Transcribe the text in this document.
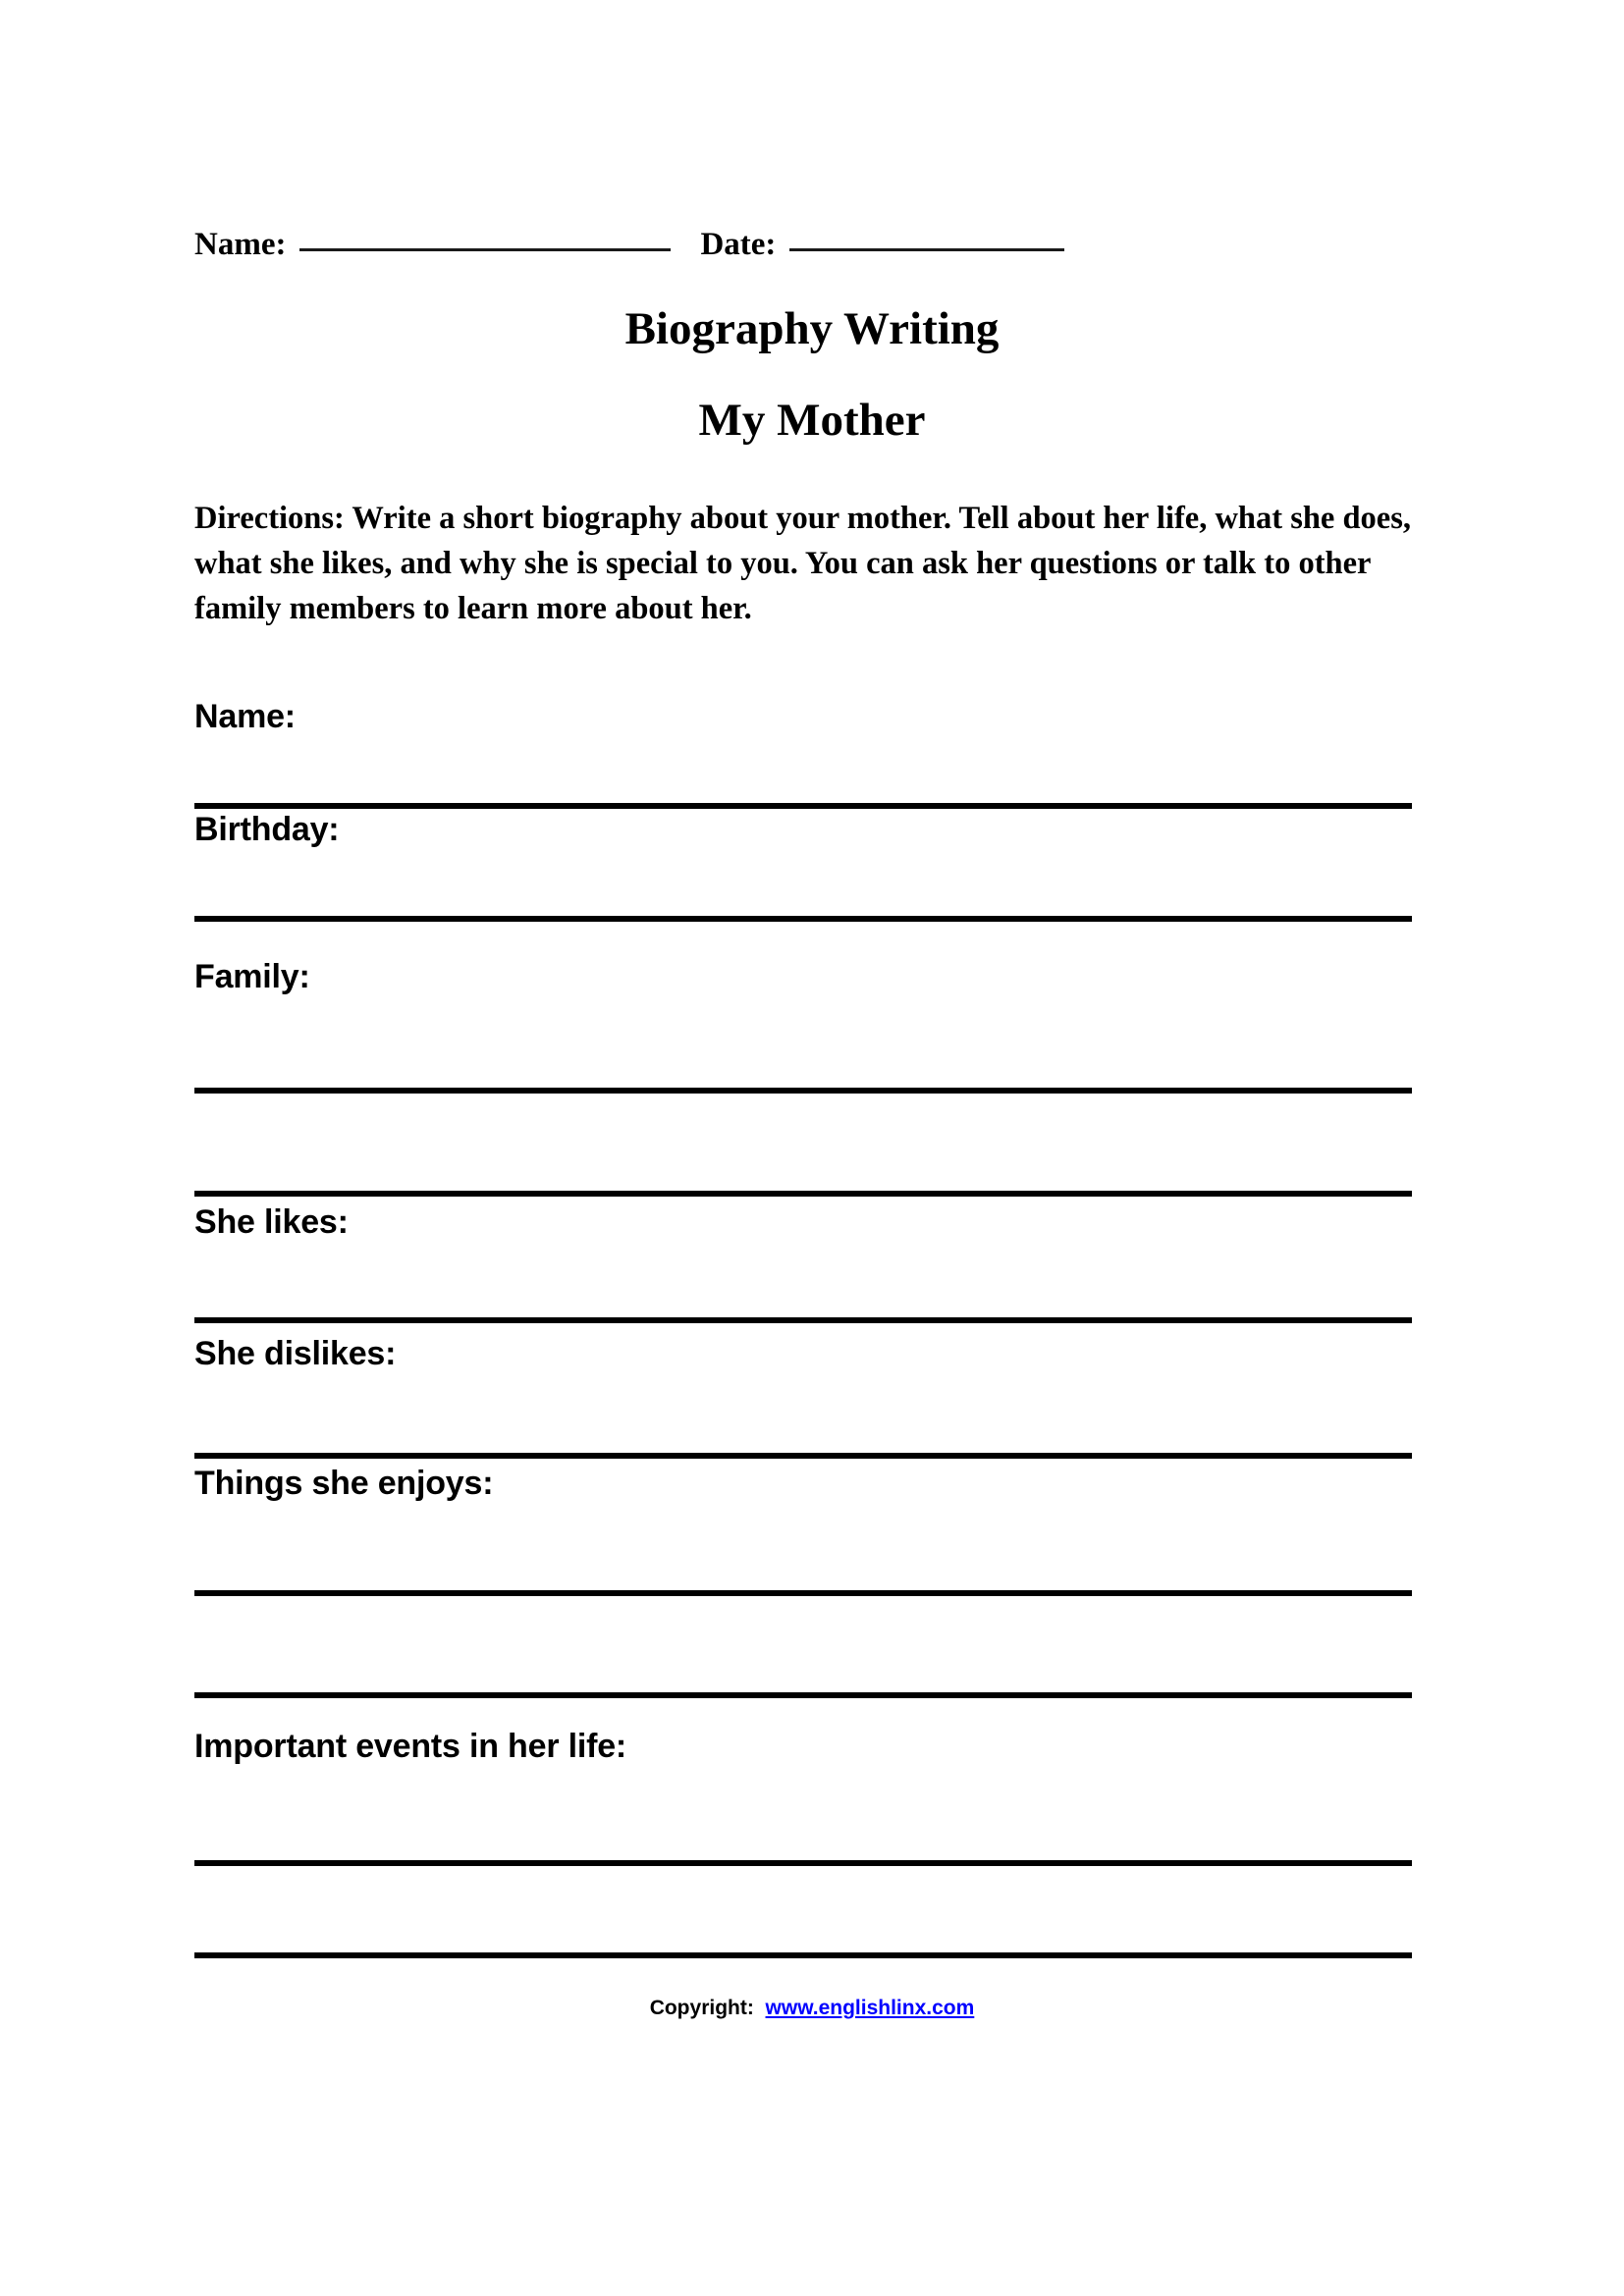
Name:	Date:
Biography Writing
My Mother
Directions: Write a short biography about your mother. Tell about her life, what she does, what she likes, and why she is special to you. You can ask her questions or talk to other family members to learn more about her.
Name:
Birthday:
Family:
She likes:
She dislikes:
Things she enjoys:
Important events in her life:
Copyright: www.englishlinx.com
